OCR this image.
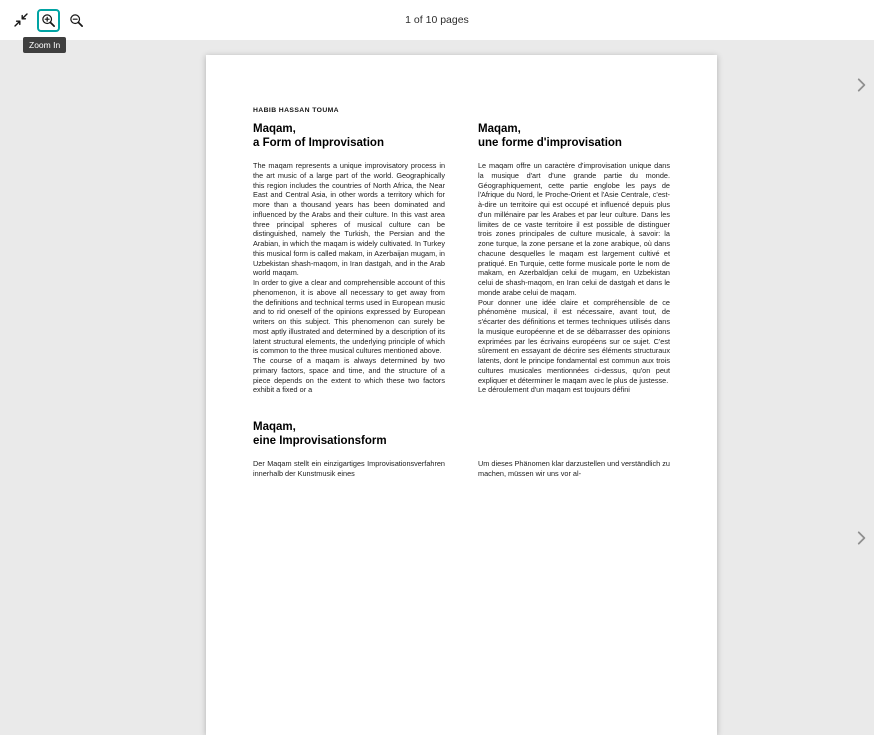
1 of 10 pages
Zoom In
HABIB HASSAN TOUMA
Maqam,
a Form of Improvisation

The maqam represents a unique improvisatory process in the art music of a large part of the world. Geographically this region includes the countries of North Africa, the Near East and Central Asia, in other words a territory which for more than a thousand years has been dominated and influenced by the Arabs and their culture. In this vast area three principal spheres of musical culture can be distinguished, namely the Turkish, the Persian and the Arabian, in which the maqam is widely cultivated. In Turkey this musical form is called makam, in Azerbaijan mugam, in Uzbekistan shash-maqom, in Iran dastgah, and in the Arab world maqam.

In order to give a clear and comprehensible account of this phenomenon, it is above all necessary to get away from the definitions and technical terms used in European music and to rid oneself of the opinions expressed by European writers on this subject. This phenomenon can surely be most aptly illustrated and determined by a description of its latent structural elements, the underlying principle of which is common to the three musical cultures mentioned above.

The course of a maqam is always determined by two primary factors, space and time, and the structure of a piece depends on the extent to which these two factors exhibit a fixed or a

Maqam,
une forme d'improvisation

Le maqam offre un caractère d'improvisation unique dans la musique d'art d'une grande partie du monde. Géographiquement, cette partie englobe les pays de l'Afrique du Nord, le Proche-Orient et l'Asie Centrale, c'est-à-dire un territoire qui est occupé et influencé depuis plus d'un millénaire par les Arabes et par leur culture. Dans les limites de ce vaste territoire il est possible de distinguer trois zones principales de culture musicale, à savoir: la zone turque, la zone persane et la zone arabique, où dans chacune desquelles le maqam est largement cultivé et pratiqué. En Turquie, cette forme musicale porte le nom de makam, en Azerbaïdjan celui de mugam, en Uzbekistan celui de shash-maqom, en Iran celui de dastgah et dans le monde arabe celui de maqam.

Pour donner une idée claire et compréhensible de ce phénomène musical, il est nécessaire, avant tout, de s'écarter des définitions et termes techniques utilisés dans la musique européenne et de se débarrasser des opinions exprimées par les écrivains européens sur ce sujet. C'est sûrement en essayant de décrire ses éléments structuraux latents, dont le principe fondamental est commun aux trois cultures musicales mentionnées ci-dessus, qu'on peut expliquer et déterminer le maqam avec le plus de justesse.

Le déroulement d'un maqam est toujours défini

Maqam,
eine Improvisationsform

Der Maqam stellt ein einzigartiges Improvisationsverfahren innerhalb der Kunstmusik eines

Um dieses Phänomen klar darzustellen und verständlich zu machen, müssen wir uns vor al-
